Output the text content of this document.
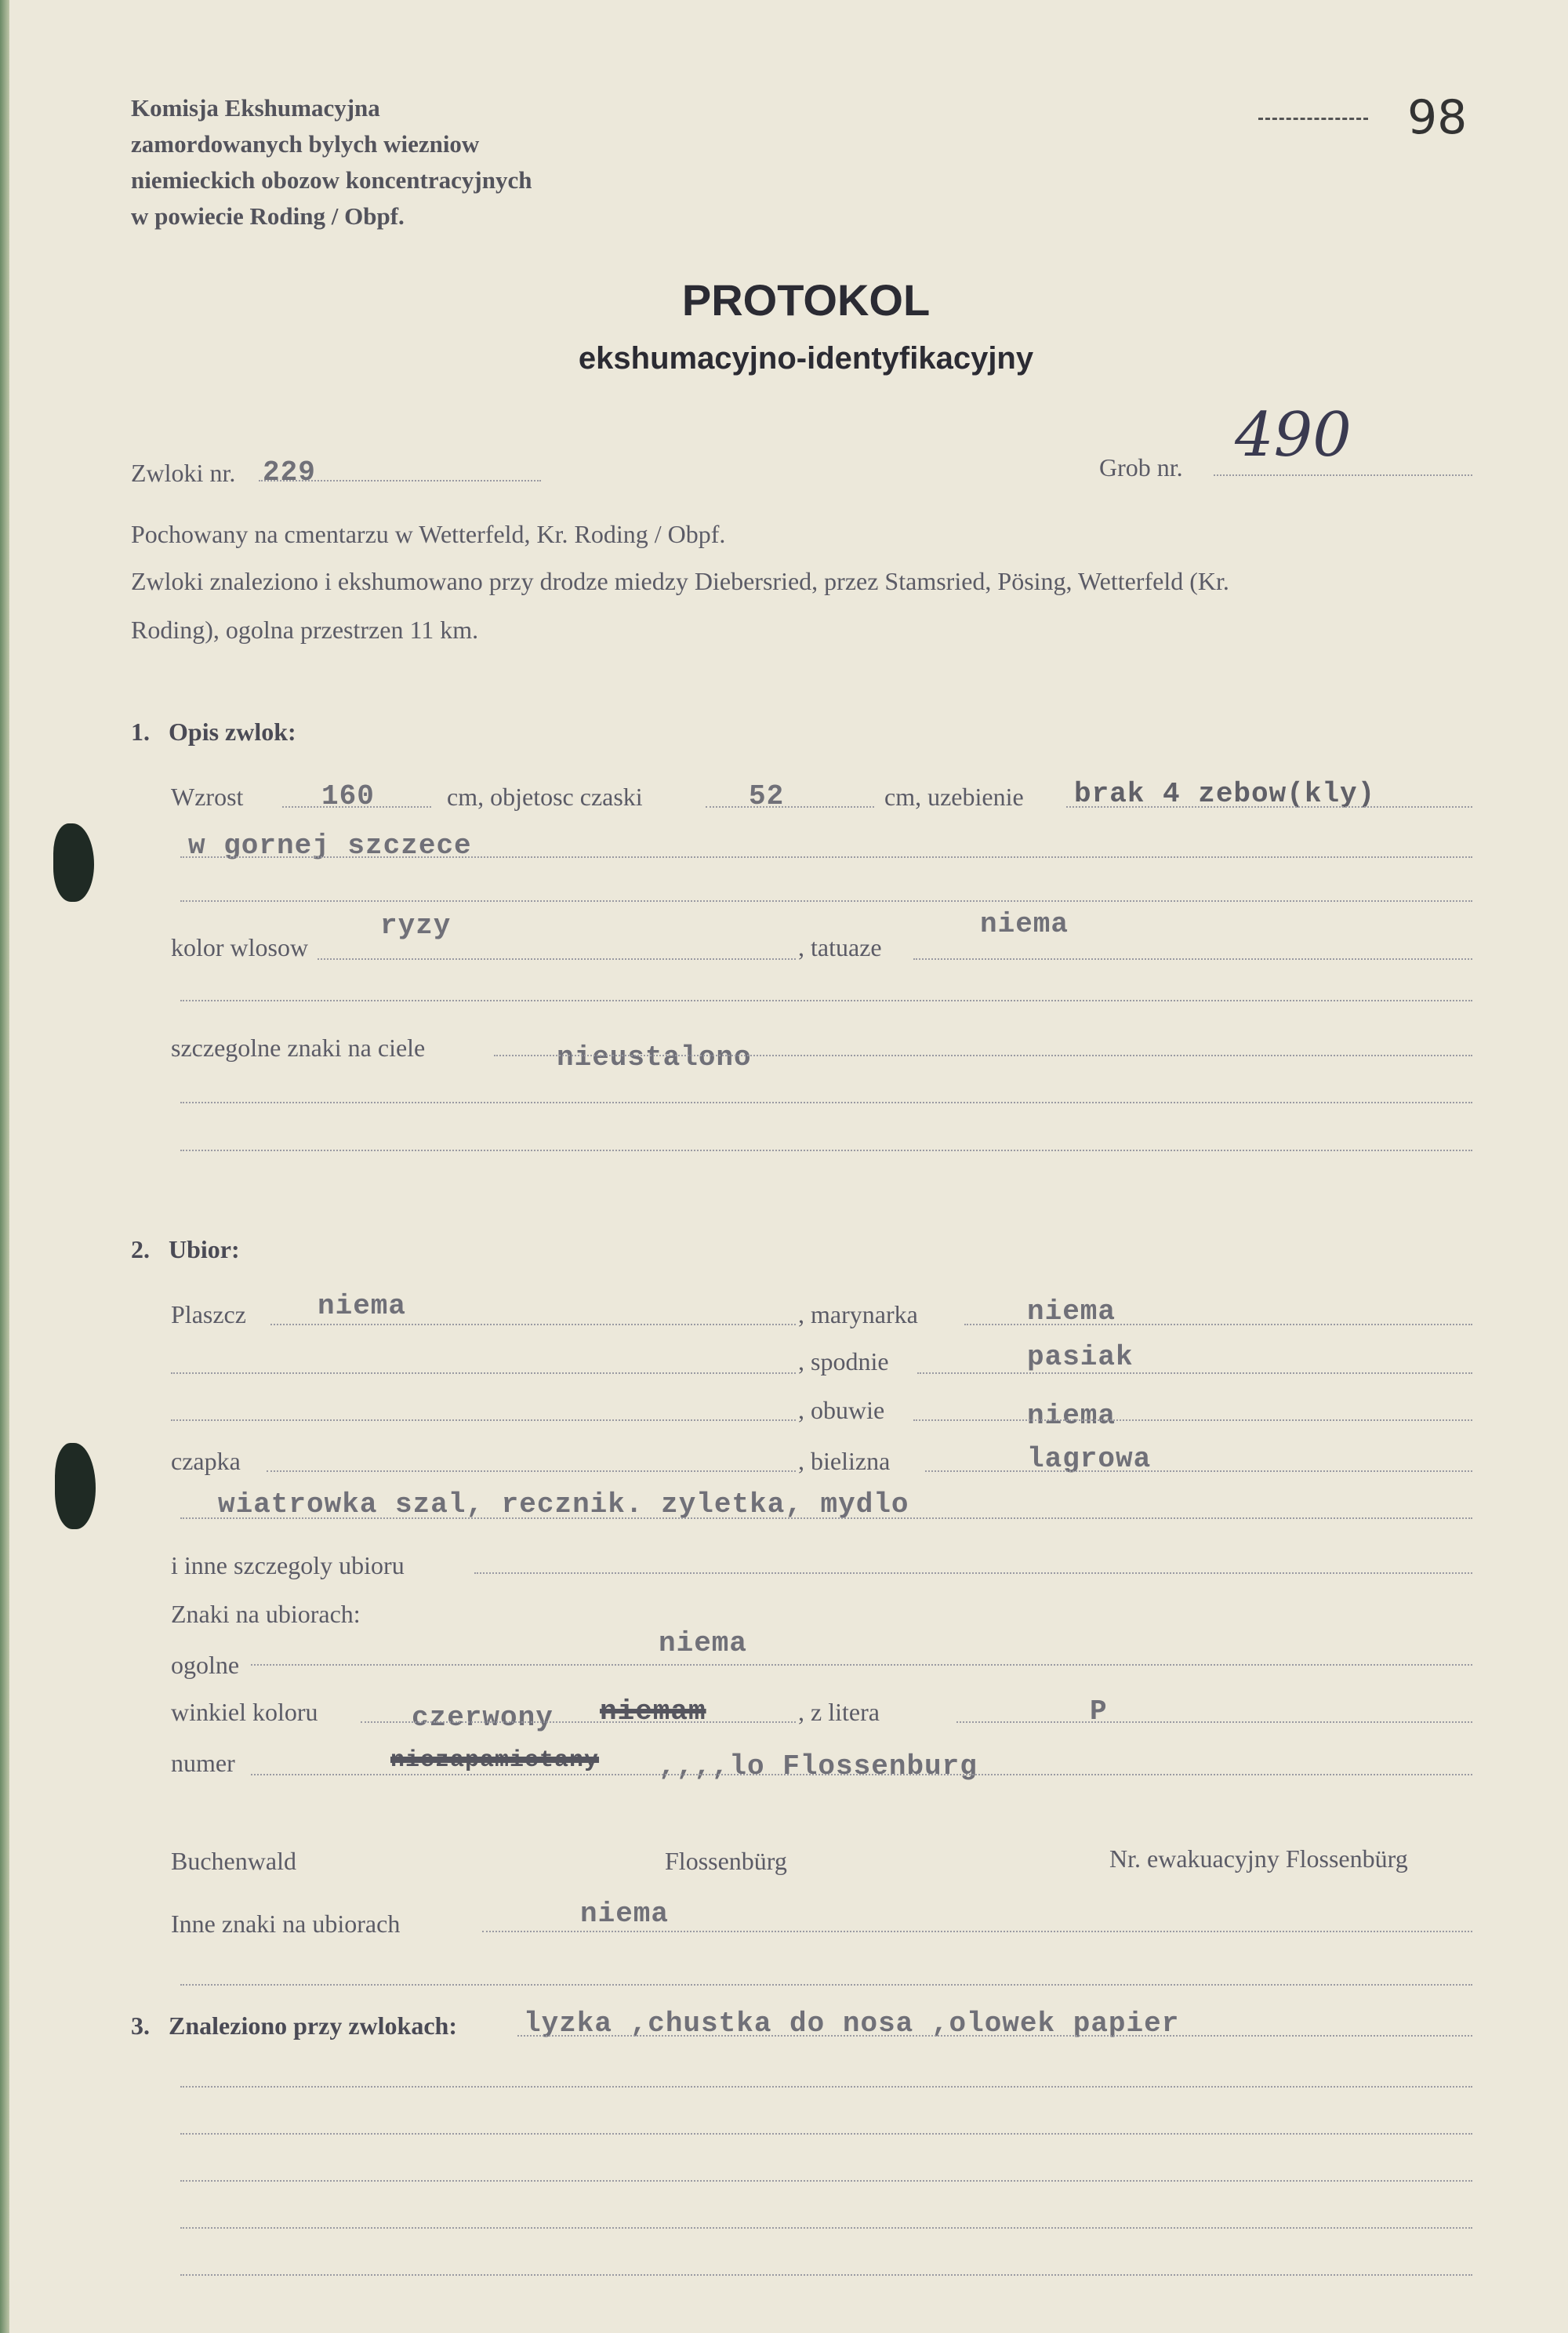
Komisja Ekshumacyjna
zamordowanych bylych wiezniow
niemieckich obozow koncentracyjnych
w powiecie Roding / Obpf.
98
PROTOKOL
ekshumacyjno-identyfikacyjny
Zwloki nr. 229	Grob nr. 490
Pochowany na cmentarzu w Wetterfeld, Kr. Roding / Obpf.
Zwloki znaleziono i ekshumowano przy drodze miedzy Diebersried, przez Stamsried, Pösing, Wetterfeld (Kr.
Roding), ogolna przestrzen 11 km.
1. Opis zwlok:
Wzrost	160	cm, objetosc czaski	52	cm, uzebienie brak 4 zebow(kly)
w gornej szczece
kolor wlosow
ryzy
, tatuaze
niema
szczegolne znaki na ciele	nieustalono
2. Ubior:
Plaszcz	niema	, marynarka	niema
, spodnie	pasiak
, obuwie	niema
czapka	, bielizna	lagrowa
wiatrowka szal, recznik. zyletka, mydlo
i inne szczegoly ubioru
Znaki na ubiorach:
ogolne
niema
winkiel koloru	czerwony niemam	, z litera	P
numer	niezapamietany ,,,,lo Flossenburg
Buchenwald	Flossenbürg	Nr. ewakuacyjny Flossenbürg
Inne znaki na ubiorach	niema
3. Znaleziono przy zwlokach: lyzka ,chustka do nosa ,olowek papier
